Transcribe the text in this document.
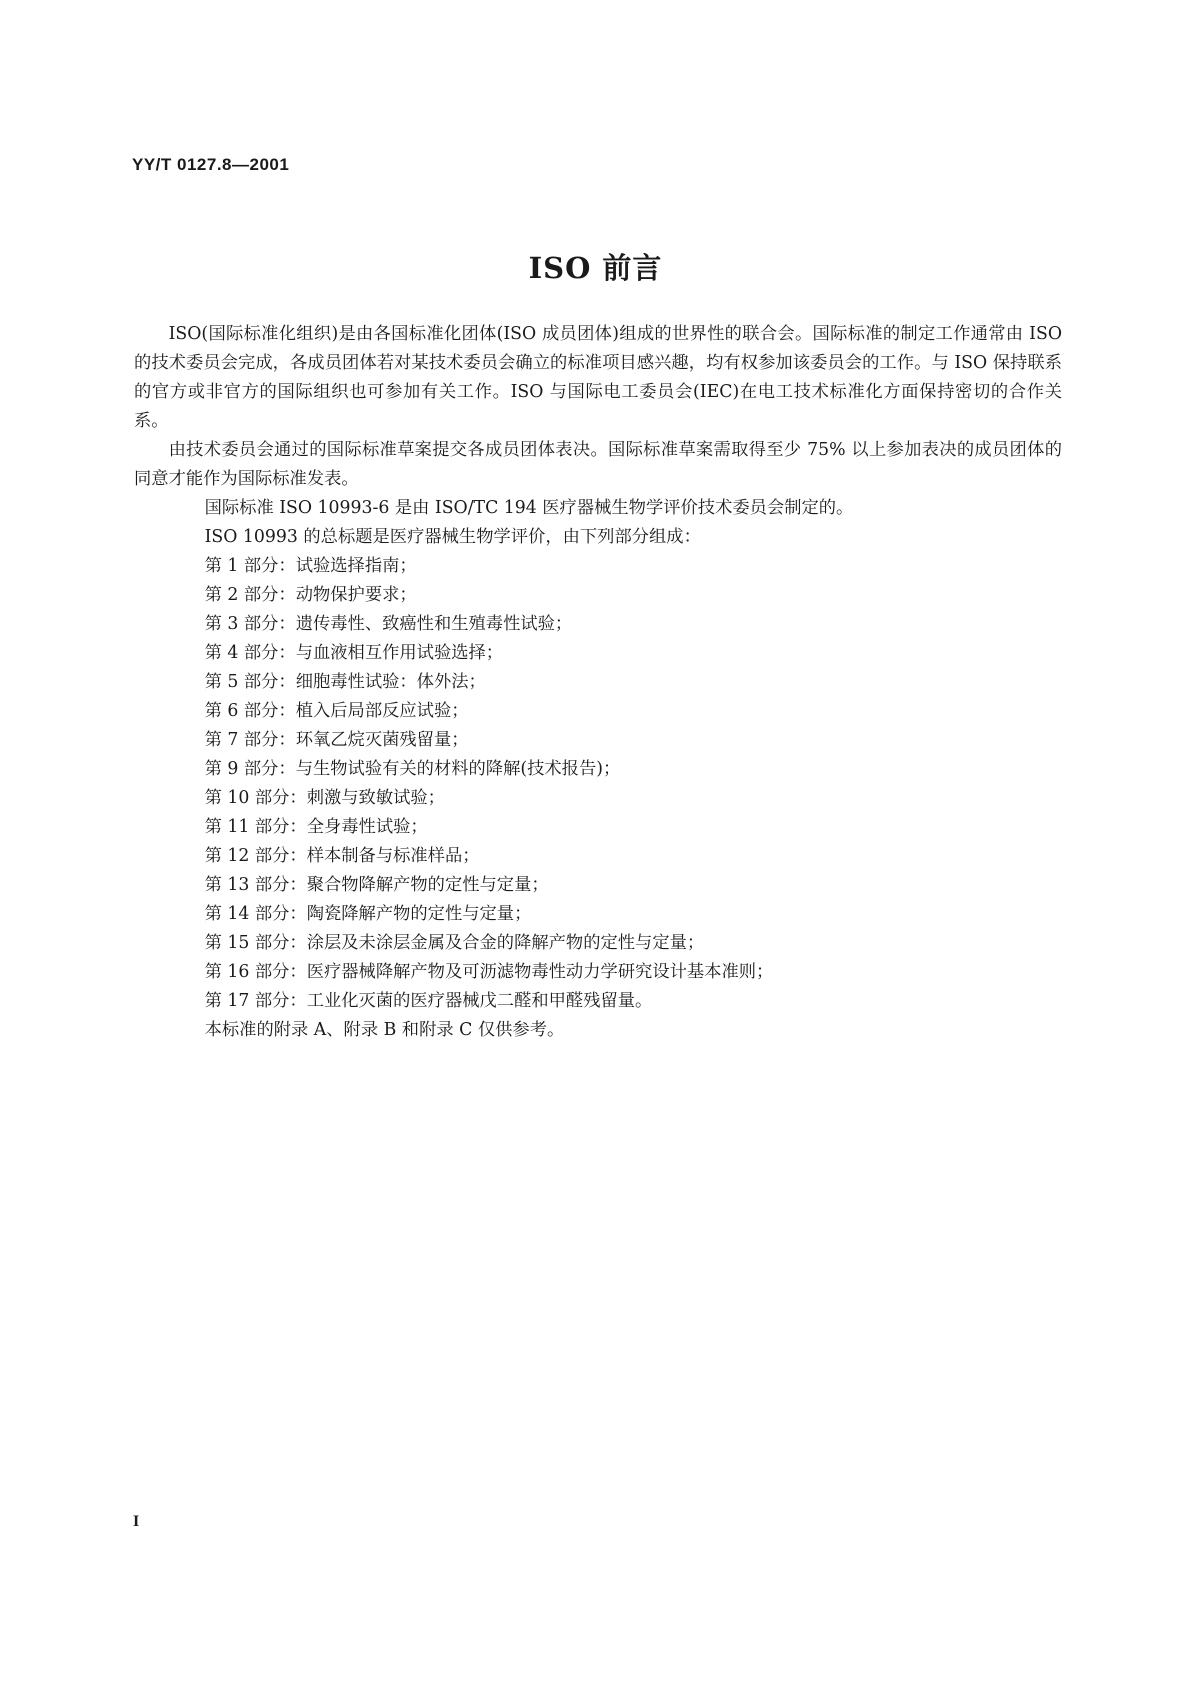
YY/T 0127.8—2001
ISO 前言

ISO(国际标准化组织)是由各国标准化团体(ISO 成员团体)组成的世界性的联合会。国际标准的制定工作通常由 ISO 的技术委员会完成，各成员团体若对某技术委员会确立的标准项目感兴趣，均有权参加该委员会的工作。与 ISO 保持联系的官方或非官方的国际组织也可参加有关工作。ISO 与国际电工委员会(IEC)在电工技术标准化方面保持密切的合作关系。

由技术委员会通过的国际标准草案提交各成员团体表决。国际标准草案需取得至少 75% 以上参加表决的成员团体的同意才能作为国际标准发表。

国际标准 ISO 10993-6 是由 ISO/TC 194 医疗器械生物学评价技术委员会制定的。

ISO 10993 的总标题是医疗器械生物学评价，由下列部分组成：

第 1 部分：试验选择指南；
第 2 部分：动物保护要求；
第 3 部分：遗传毒性、致癌性和生殖毒性试验；
第 4 部分：与血液相互作用试验选择；
第 5 部分：细胞毒性试验：体外法；
第 6 部分：植入后局部反应试验；
第 7 部分：环氧乙烷灭菌残留量；
第 9 部分：与生物试验有关的材料的降解(技术报告)；
第 10 部分：刺激与致敏试验；
第 11 部分：全身毒性试验；
第 12 部分：样本制备与标准样品；
第 13 部分：聚合物降解产物的定性与定量；
第 14 部分：陶瓷降解产物的定性与定量；
第 15 部分：涂层及未涂层金属及合金的降解产物的定性与定量；
第 16 部分：医疗器械降解产物及可沥滤物毒性动力学研究设计基本准则；
第 17 部分：工业化灭菌的医疗器械戊二醛和甲醛残留量。

本标准的附录 A、附录 B 和附录 C 仅供参考。

I
